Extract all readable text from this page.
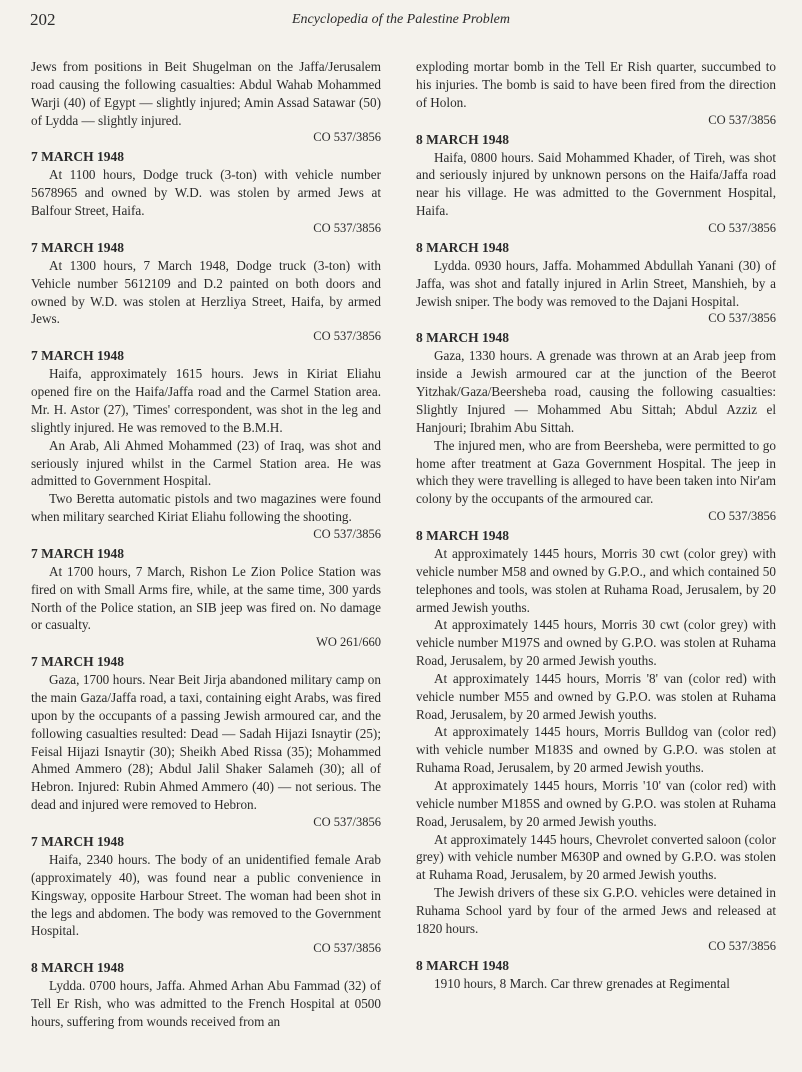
202	Encyclopedia of the Palestine Problem

Jews from positions in Beit Shugelman on the Jaffa/Jerusalem road causing the following casualties: Abdul Wahab Mohammed Warji (40) of Egypt — slightly injured; Amin Assad Satawar (50) of Lydda — slightly injured.

CO 537/3856

7 MARCH 1948

At 1100 hours, Dodge truck (3-ton) with vehicle number 5678965 and owned by W.D. was stolen by armed Jews at Balfour Street, Haifa.

CO 537/3856

7 MARCH 1948

At 1300 hours, 7 March 1948, Dodge truck (3-ton) with Vehicle number 5612109 and D.2 painted on both doors and owned by W.D. was stolen at Herzliya Street, Haifa, by armed Jews.

CO 537/3856

7 MARCH 1948

Haifa, approximately 1615 hours. Jews in Kiriat Eliahu opened fire on the Haifa/Jaffa road and the Carmel Station area. Mr. H. Astor (27), 'Times' correspondent, was shot in the leg and slightly injured. He was removed to the B.M.H.

An Arab, Ali Ahmed Mohammed (23) of Iraq, was shot and seriously injured whilst in the Carmel Station area. He was admitted to Government Hospital.

Two Beretta automatic pistols and two magazines were found when military searched Kiriat Eliahu following the shooting.

CO 537/3856

7 MARCH 1948

At 1700 hours, 7 March, Rishon Le Zion Police Station was fired on with Small Arms fire, while, at the same time, 300 yards North of the Police station, an SIB jeep was fired on. No damage or casualty.

WO 261/660

7 MARCH 1948

Gaza, 1700 hours. Near Beit Jirja abandoned military camp on the main Gaza/Jaffa road, a taxi, containing eight Arabs, was fired upon by the occupants of a passing Jewish armoured car, and the following casualties resulted: Dead — Sadah Hijazi Isnaytir (25); Feisal Hijazi Isnaytir (30); Sheikh Abed Rissa (35); Mohammed Ahmed Ammero (28); Abdul Jalil Shaker Salameh (30); all of Hebron. Injured: Rubin Ahmed Ammero (40) — not serious. The dead and injured were removed to Hebron.

CO 537/3856

7 MARCH 1948

Haifa, 2340 hours. The body of an unidentified female Arab (approximately 40), was found near a public convenience in Kingsway, opposite Harbour Street. The woman had been shot in the legs and abdomen. The body was removed to the Government Hospital.

CO 537/3856

8 MARCH 1948

Lydda. 0700 hours, Jaffa. Ahmed Arhan Abu Fammad (32) of Tell Er Rish, who was admitted to the French Hospital at 0500 hours, suffering from wounds received from an

exploding mortar bomb in the Tell Er Rish quarter, succumbed to his injuries. The bomb is said to have been fired from the direction of Holon.

CO 537/3856

8 MARCH 1948

Haifa, 0800 hours. Said Mohammed Khader, of Tireh, was shot and seriously injured by unknown persons on the Haifa/Jaffa road near his village. He was admitted to the Government Hospital, Haifa.

CO 537/3856

8 MARCH 1948

Lydda. 0930 hours, Jaffa. Mohammed Abdullah Yanani (30) of Jaffa, was shot and fatally injured in Arlin Street, Manshieh, by a Jewish sniper. The body was removed to the Dajani Hospital.

CO 537/3856

8 MARCH 1948

Gaza, 1330 hours. A grenade was thrown at an Arab jeep from inside a Jewish armoured car at the junction of the Beerot Yitzhak/Gaza/Beersheba road, causing the following casualties: Slightly Injured — Mohammed Abu Sittah; Abdul Azziz el Hanjouri; Ibrahim Abu Sittah.

The injured men, who are from Beersheba, were permitted to go home after treatment at Gaza Government Hospital. The jeep in which they were travelling is alleged to have been taken into Nir'am colony by the occupants of the armoured car.

CO 537/3856

8 MARCH 1948

At approximately 1445 hours, Morris 30 cwt (color grey) with vehicle number M58 and owned by G.P.O., and which contained 50 telephones and tools, was stolen at Ruhama Road, Jerusalem, by 20 armed Jewish youths.

At approximately 1445 hours, Morris 30 cwt (color grey) with vehicle number M197S and owned by G.P.O. was stolen at Ruhama Road, Jerusalem, by 20 armed Jewish youths.

At approximately 1445 hours, Morris '8' van (color red) with vehicle number M55 and owned by G.P.O. was stolen at Ruhama Road, Jerusalem, by 20 armed Jewish youths.

At approximately 1445 hours, Morris Bulldog van (color red) with vehicle number M183S and owned by G.P.O. was stolen at Ruhama Road, Jerusalem, by 20 armed Jewish youths.

At approximately 1445 hours, Morris '10' van (color red) with vehicle number M185S and owned by G.P.O. was stolen at Ruhama Road, Jerusalem, by 20 armed Jewish youths.

At approximately 1445 hours, Chevrolet converted saloon (color grey) with vehicle number M630P and owned by G.P.O. was stolen at Ruhama Road, Jerusalem, by 20 armed Jewish youths.

The Jewish drivers of these six G.P.O. vehicles were detained in Ruhama School yard by four of the armed Jews and released at 1820 hours.

CO 537/3856

8 MARCH 1948

1910 hours, 8 March. Car threw grenades at Regimental
